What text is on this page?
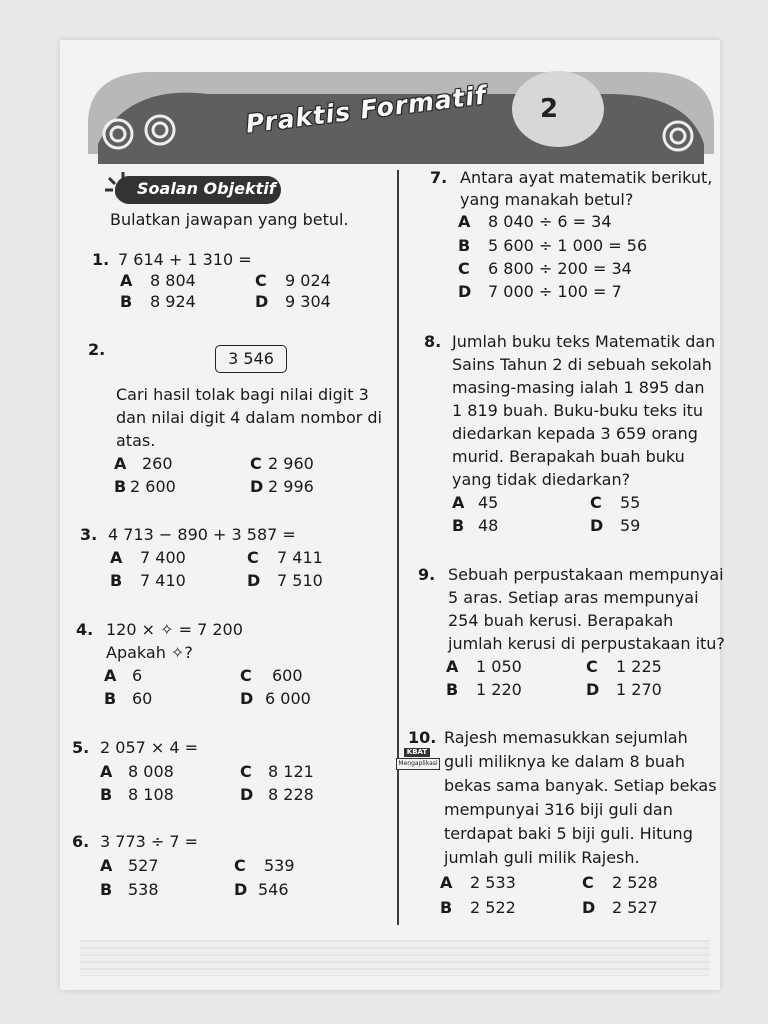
Praktis Formatif 2
Soalan Objektif
Bulatkan jawapan yang betul.
1. 7 614 + 1 310 =
A 8 804	C 9 024
B 8 924	D 9 304
2.	3 546
Cari hasil tolak bagi nilai digit 3
dan nilai digit 4 dalam nombor di
atas.
A 260	C 2 960
B 2 600	D 2 996
3. 4 713 − 890 + 3 587 =
A 7 400	C 7 411
B 7 410	D 7 510
4. 120 × ✧ = 7 200
Apakah ✧?
A 6	C 600
B 60	D 6 000
5. 2 057 × 4 =
A 8 008	C 8 121
B 8 108	D 8 228
6. 3 773 ÷ 7 =
A 527	C 539
B 538	D 546
7. Antara ayat matematik berikut,
yang manakah betul?
A 8 040 ÷ 6 = 34
B 5 600 ÷ 1 000 = 56
C 6 800 ÷ 200 = 34
D 7 000 ÷ 100 = 7
8. Jumlah buku teks Matematik dan
Sains Tahun 2 di sebuah sekolah
masing-masing ialah 1 895 dan
1 819 buah. Buku-buku teks itu
diedarkan kepada 3 659 orang
murid. Berapakah buah buku
yang tidak diedarkan?
A 45	C 55
B 48	D 59
9. Sebuah perpustakaan mempunyai
5 aras. Setiap aras mempunyai
254 buah kerusi. Berapakah
jumlah kerusi di perpustakaan itu?
A 1 050	C 1 225
B 1 220	D 1 270
10.
KBAT
Mengaplikasi
Rajesh memasukkan sejumlah
guli miliknya ke dalam 8 buah
bekas sama banyak. Setiap bekas
mempunyai 316 biji guli dan
terdapat baki 5 biji guli. Hitung
jumlah guli milik Rajesh.
A 2 533	C 2 528
B 2 522	D 2 527
